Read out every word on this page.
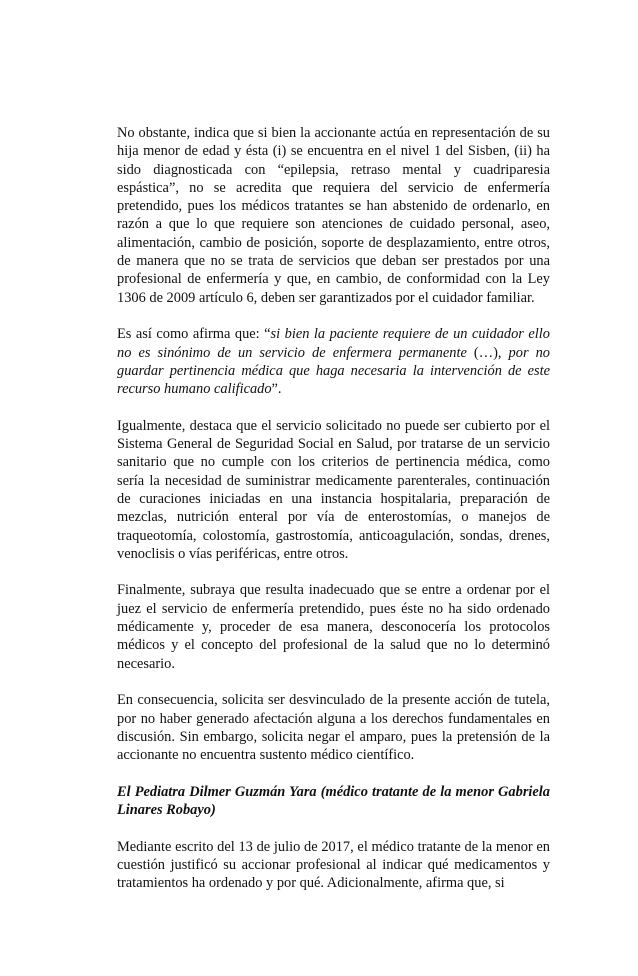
No obstante, indica que si bien la accionante actúa en representación de su hija menor de edad y ésta (i) se encuentra en el nivel 1 del Sisben, (ii) ha sido diagnosticada con “epilepsia, retraso mental y cuadriparesia espástica”, no se acredita que requiera del servicio de enfermería pretendido, pues los médicos tratantes se han abstenido de ordenarlo, en razón a que lo que requiere son atenciones de cuidado personal, aseo, alimentación, cambio de posición, soporte de desplazamiento, entre otros, de manera que no se trata de servicios que deban ser prestados por una profesional de enfermería y que, en cambio, de conformidad con la Ley 1306 de 2009 artículo 6, deben ser garantizados por el cuidador familiar.

Es así como afirma que: “si bien la paciente requiere de un cuidador ello no es sinónimo de un servicio de enfermera permanente (…), por no guardar pertinencia médica que haga necesaria la intervención de este recurso humano calificado”.

Igualmente, destaca que el servicio solicitado no puede ser cubierto por el Sistema General de Seguridad Social en Salud, por tratarse de un servicio sanitario que no cumple con los criterios de pertinencia médica, como sería la necesidad de suministrar medicamente parenterales, continuación de curaciones iniciadas en una instancia hospitalaria, preparación de mezclas, nutrición enteral por vía de enterostomías, o manejos de traqueotomía, colostomía, gastrostomía, anticoagulación, sondas, drenes, venoclisis o vías periféricas, entre otros.

Finalmente, subraya que resulta inadecuado que se entre a ordenar por el juez el servicio de enfermería pretendido, pues éste no ha sido ordenado médicamente y, proceder de esa manera, desconocería los protocolos médicos y el concepto del profesional de la salud que no lo determinó necesario.

En consecuencia, solicita ser desvinculado de la presente acción de tutela, por no haber generado afectación alguna a los derechos fundamentales en discusión. Sin embargo, solicita negar el amparo, pues la pretensión de la accionante no encuentra sustento médico científico.

El Pediatra Dilmer Guzmán Yara (médico tratante de la menor Gabriela Linares Robayo)

Mediante escrito del 13 de julio de 2017, el médico tratante de la menor en cuestión justificó su accionar profesional al indicar qué medicamentos y tratamientos ha ordenado y por qué. Adicionalmente, afirma que, si
